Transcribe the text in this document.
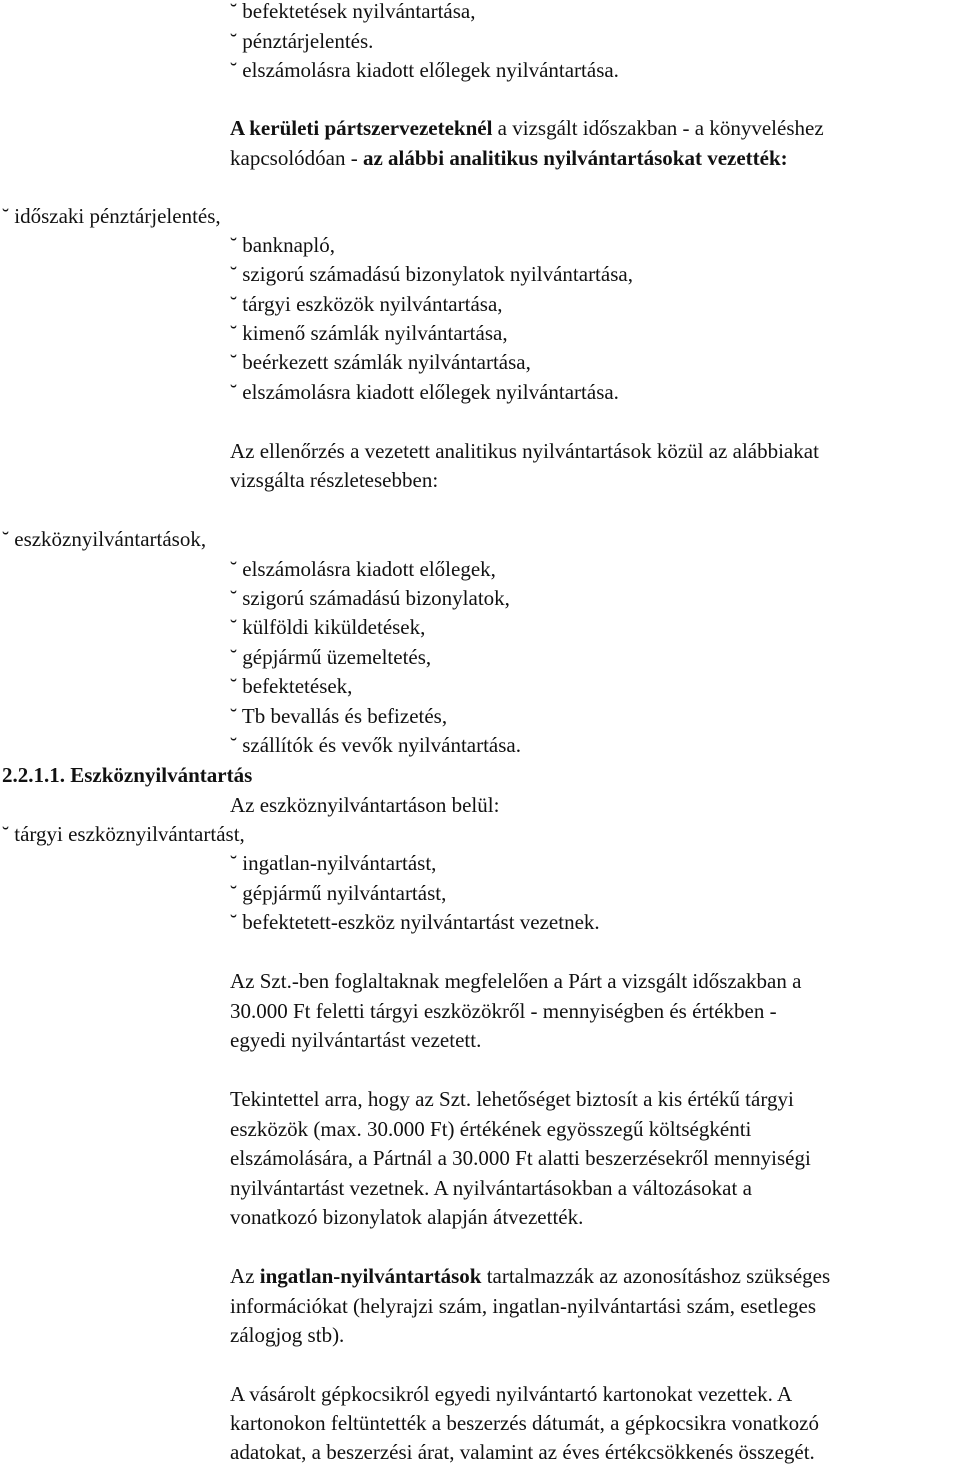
˘ befektetések nyilvántartása,

˘ pénztárjelentés.

˘ elszámolásra kiadott előlegek nyilvántartása.

A kerületi pártszervezeteknél a vizsgált időszakban - a könyveléshez

kapcsolódóan - az alábbi analitikus nyilvántartásokat vezették:

˘ időszaki pénztárjelentés,

˘ banknapló,

˘ szigorú számadású bizonylatok nyilvántartása,

˘ tárgyi eszközök nyilvántartása,

˘ kimenő számlák nyilvántartása,

˘ beérkezett számlák nyilvántartása,

˘ elszámolásra kiadott előlegek nyilvántartása.

Az ellenőrzés a vezetett analitikus nyilvántartások közül az alábbiakat

vizsgálta részletesebben:

˘ eszköznyilvántartások,

˘ elszámolásra kiadott előlegek,

˘ szigorú számadású bizonylatok,

˘ külföldi kiküldetések,

˘ gépjármű üzemeltetés,

˘ befektetések,

˘ Tb bevallás és befizetés,

˘ szállítók és vevők nyilvántartása.

2.2.1.1. Eszköznyilvántartás

Az eszköznyilvántartáson belül:

˘ tárgyi eszköznyilvántartást,

˘ ingatlan-nyilvántartást,

˘ gépjármű nyilvántartást,

˘ befektetett-eszköz nyilvántartást vezetnek.

Az Szt.-ben foglaltaknak megfelelően a Párt a vizsgált időszakban a

30.000 Ft feletti tárgyi eszközökről - mennyiségben és értékben -

egyedi nyilvántartást vezetett.

Tekintettel arra, hogy az Szt. lehetőséget biztosít a kis értékű tárgyi

eszközök (max. 30.000 Ft) értékének egyösszegű költségkénti

elszámolására, a Pártnál a 30.000 Ft alatti beszerzésekről mennyiségi

nyilvántartást vezetnek. A nyilvántartásokban a változásokat a

vonatkozó bizonylatok alapján átvezették.

Az ingatlan-nyilvántartások tartalmazzák az azonosításhoz szükséges

információkat (helyrajzi szám, ingatlan-nyilvántartási szám, esetleges

zálogjog stb).

A vásárolt gépkocsikról egyedi nyilvántartó kartonokat vezettek. A

kartonokon feltüntették a beszerzés dátumát, a gépkocsikra vonatkozó

adatokat, a beszerzési árat, valamint az éves értékcsökkenés összegét.
